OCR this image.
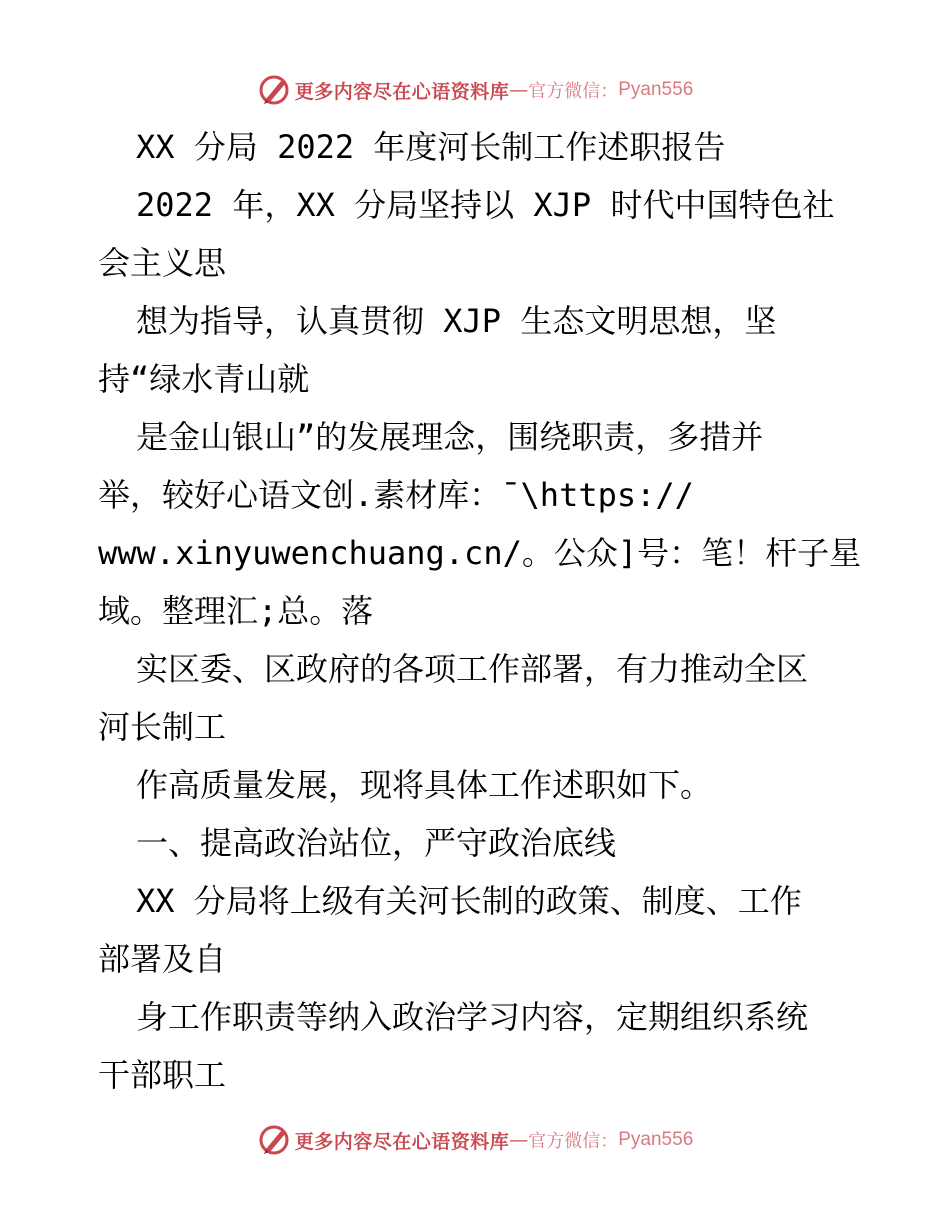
更多内容尽在心语资料库 — 官方微信： Pyan556
XX 分局 2022 年度河长制工作述职报告
2022 年，XX 分局坚持以 XJP 时代中国特色社
会主义思
想为指导，认真贯彻 XJP 生态文明思想，坚
持“绿水青山就
是金山银山”的发展理念，围绕职责，多措并
举，较好心语文创.素材库：¯\https://
www.xinyuwenchuang.cn/。公众]号：笔！杆子星
域。整理汇;总。落
实区委、区政府的各项工作部署，有力推动全区
河长制工
作高质量发展，现将具体工作述职如下。
一、提高政治站位，严守政治底线
XX 分局将上级有关河长制的政策、制度、工作
部署及自
身工作职责等纳入政治学习内容，定期组织系统
干部职工
更多内容尽在心语资料库 — 官方微信： Pyan556
